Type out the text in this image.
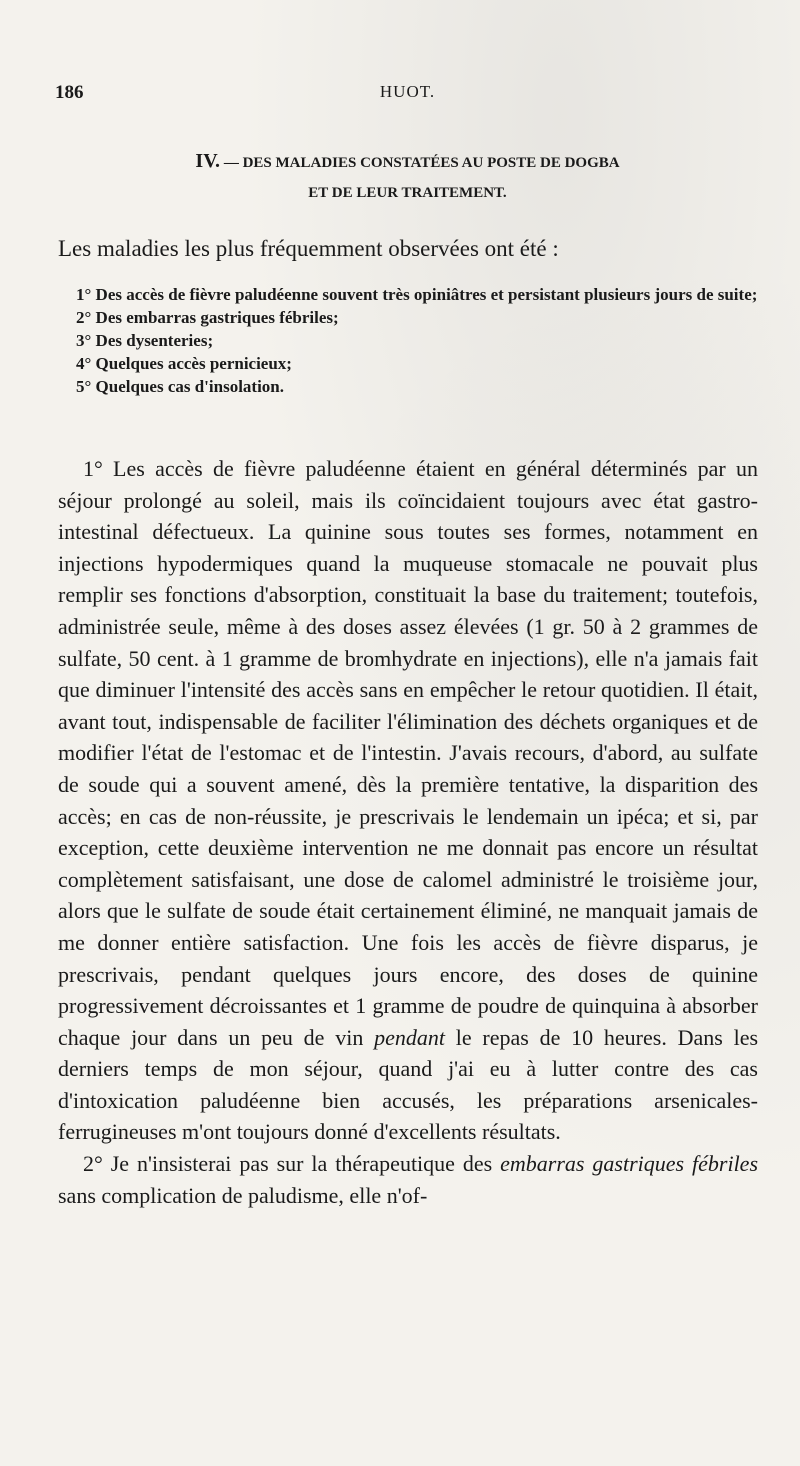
186	HUOT.
IV. — DES MALADIES CONSTATÉES AU POSTE DE DOGBA
ET DE LEUR TRAITEMENT.
Les maladies les plus fréquemment observées ont été :

1° Des accès de fièvre paludéenne souvent très opiniâtres et persistant plusieurs jours de suite;

2° Des embarras gastriques fébriles;

3° Des dysenteries;

4° Quelques accès pernicieux;

5° Quelques cas d'insolation.

1° Les accès de fièvre paludéenne étaient en général déterminés par un séjour prolongé au soleil, mais ils coïncidaient toujours avec état gastro-intestinal défectueux. La quinine sous toutes ses formes, notamment en injections hypodermiques quand la muqueuse stomacale ne pouvait plus remplir ses fonctions d'absorption, constituait la base du traitement; toutefois, administrée seule, même à des doses assez élevées (1 gr. 50 à 2 grammes de sulfate, 50 cent. à 1 gramme de bromhydrate en injections), elle n'a jamais fait que diminuer l'intensité des accès sans en empêcher le retour quotidien. Il était, avant tout, indispensable de faciliter l'élimination des déchets organiques et de modifier l'état de l'estomac et de l'intestin. J'avais recours, d'abord, au sulfate de soude qui a souvent amené, dès la première tentative, la disparition des accès; en cas de non-réussite, je prescrivais le lendemain un ipéca; et si, par exception, cette deuxième intervention ne me donnait pas encore un résultat complètement satisfaisant, une dose de calomel administré le troisième jour, alors que le sulfate de soude était certainement éliminé, ne manquait jamais de me donner entière satisfaction. Une fois les accès de fièvre disparus, je prescrivais, pendant quelques jours encore, des doses de quinine progressivement décroissantes et 1 gramme de poudre de quinquina à absorber chaque jour dans un peu de vin pendant le repas de 10 heures. Dans les derniers temps de mon séjour, quand j'ai eu à lutter contre des cas d'intoxication paludéenne bien accusés, les préparations arsenicales-ferrugineuses m'ont toujours donné d'excellents résultats.

2° Je n'insisterai pas sur la thérapeutique des embarras gastriques fébriles sans complication de paludisme, elle n'of-
